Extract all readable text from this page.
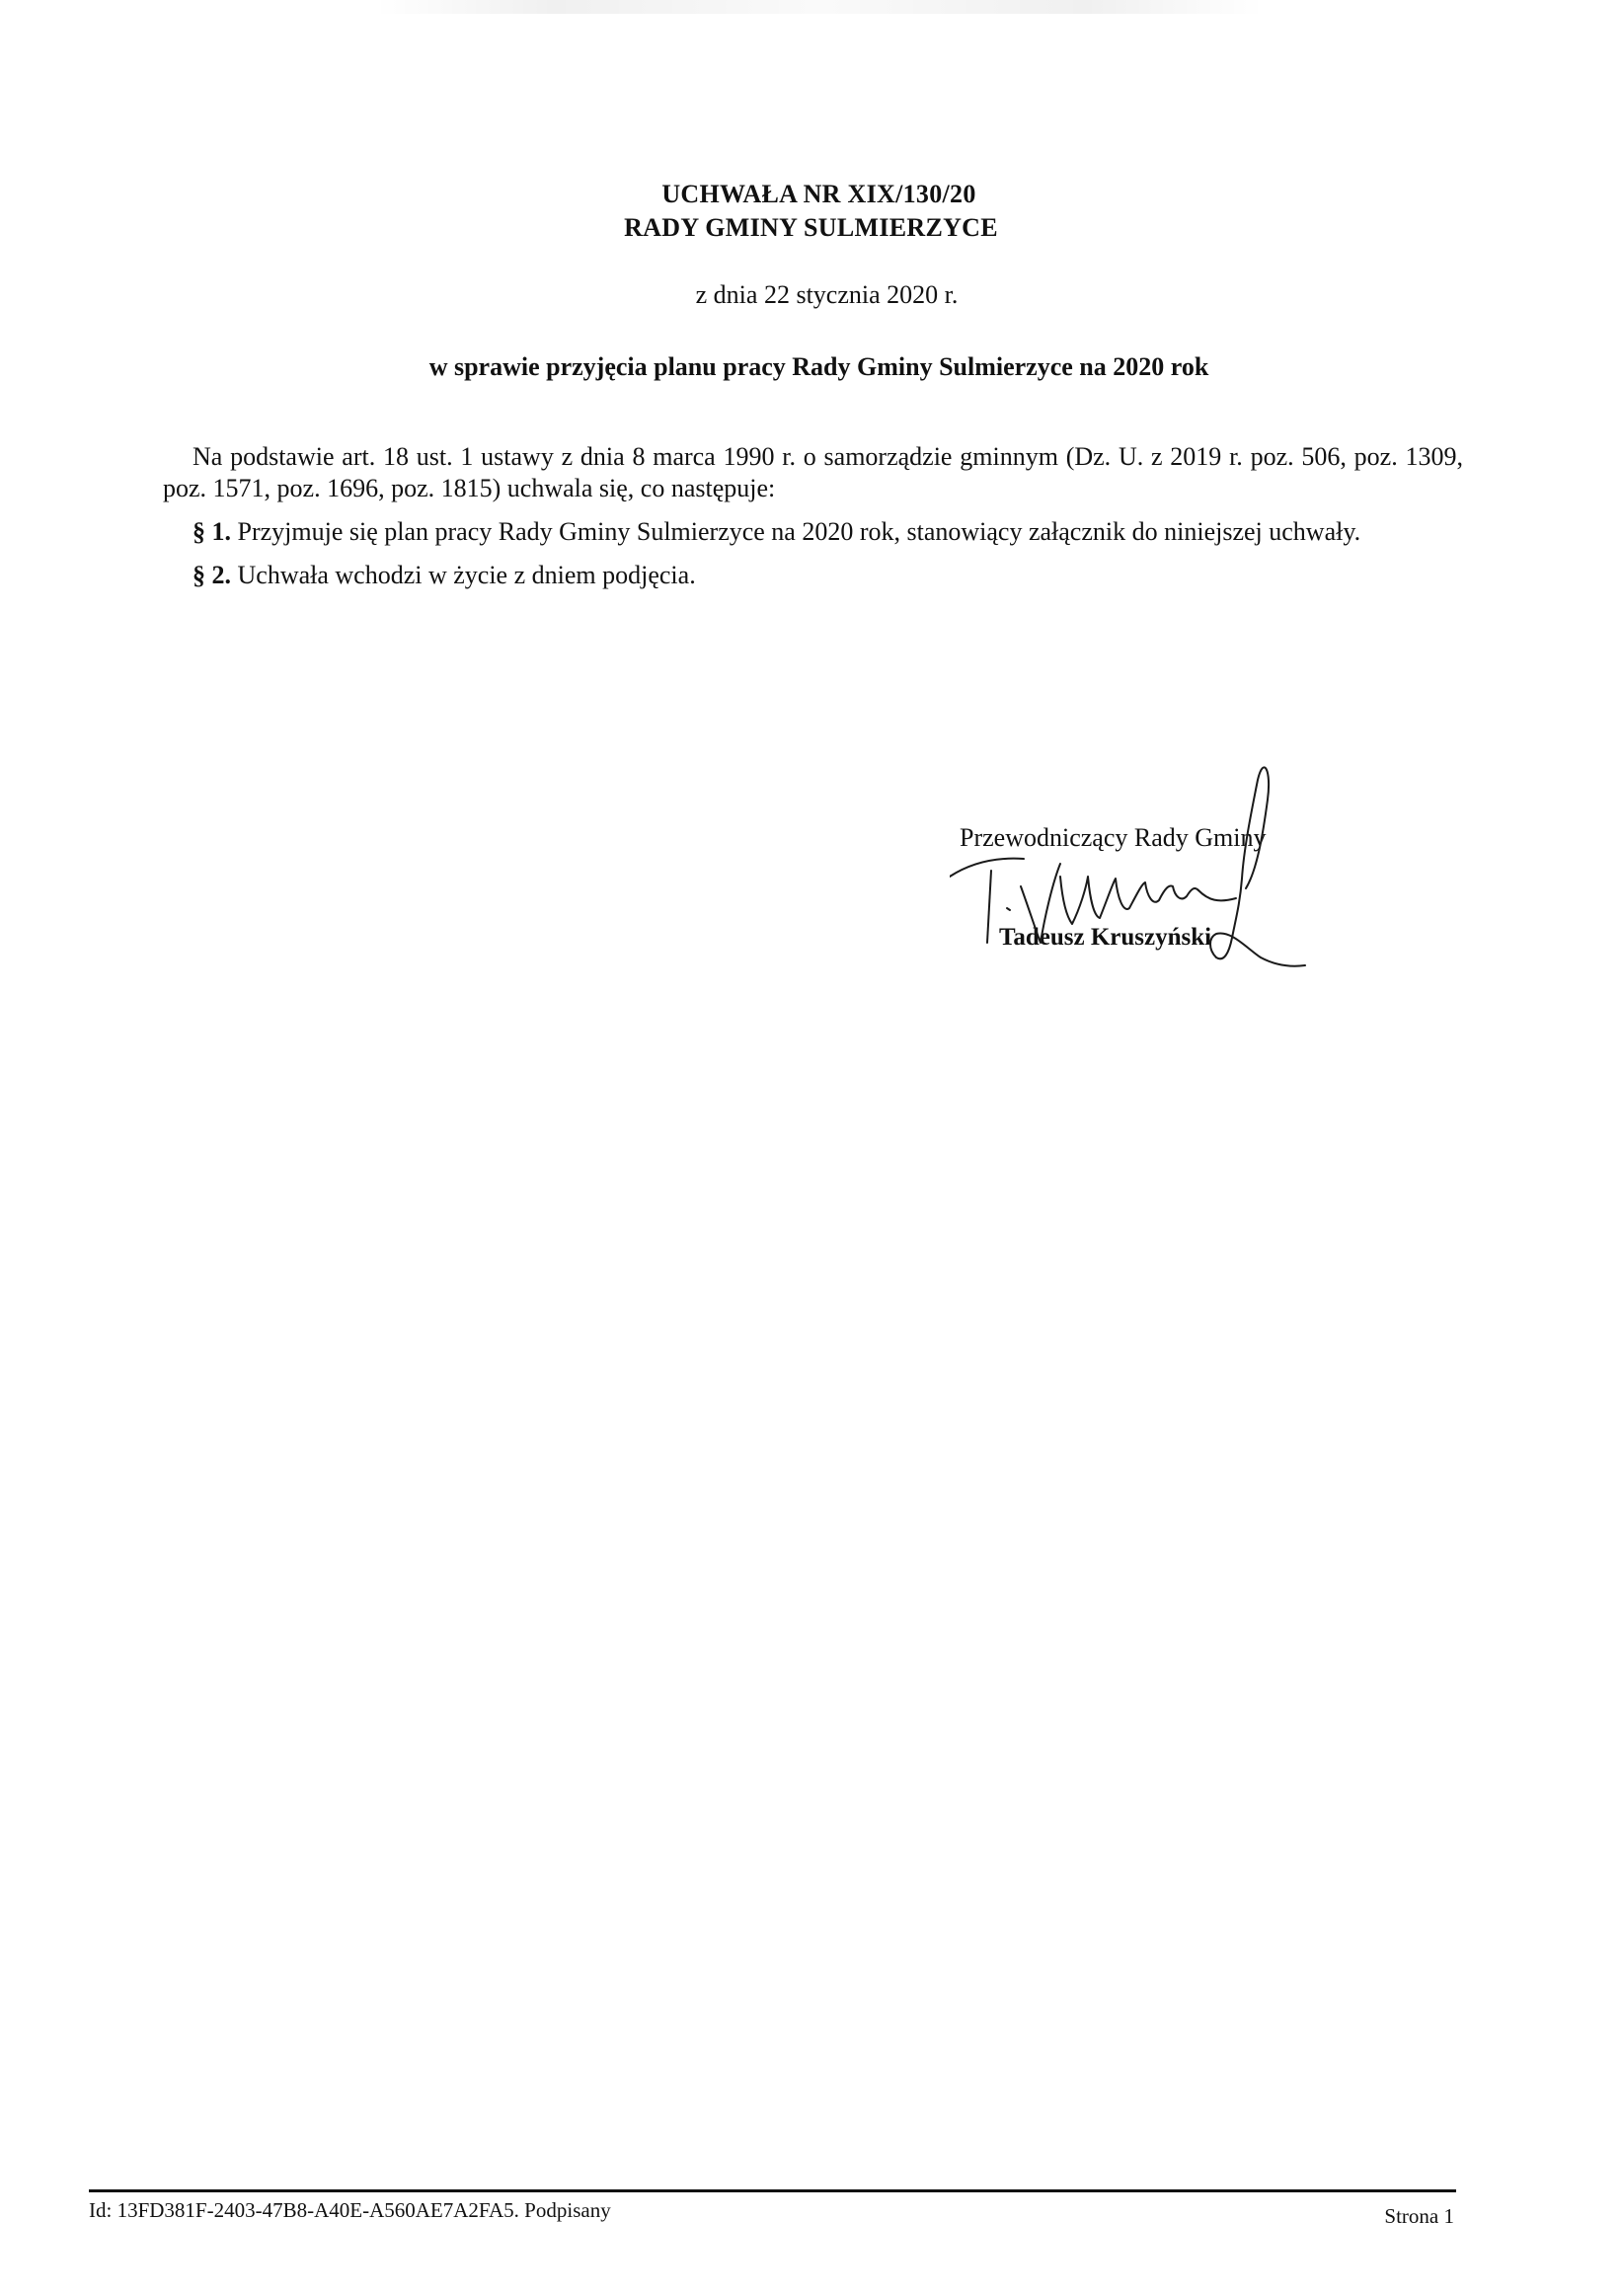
UCHWAŁA NR XIX/130/20
RADY GMINY SULMIERZYCE
z dnia 22 stycznia 2020 r.
w sprawie przyjęcia planu pracy Rady Gminy Sulmierzyce na 2020 rok

Na podstawie art. 18 ust. 1 ustawy z dnia 8 marca 1990 r. o samorządzie gminnym (Dz. U. z 2019 r. poz. 506, poz. 1309, poz. 1571, poz. 1696, poz. 1815) uchwala się, co następuje:

§ 1. Przyjmuje się plan pracy Rady Gminy Sulmierzyce na 2020 rok, stanowiący załącznik do niniejszej uchwały.

§ 2. Uchwała wchodzi w życie z dniem podjęcia.

Przewodniczący Rady Gminy
Tadeusz Kruszyński
Id: 13FD381F-2403-47B8-A40E-A560AE7A2FA5. Podpisany	Strona 1
